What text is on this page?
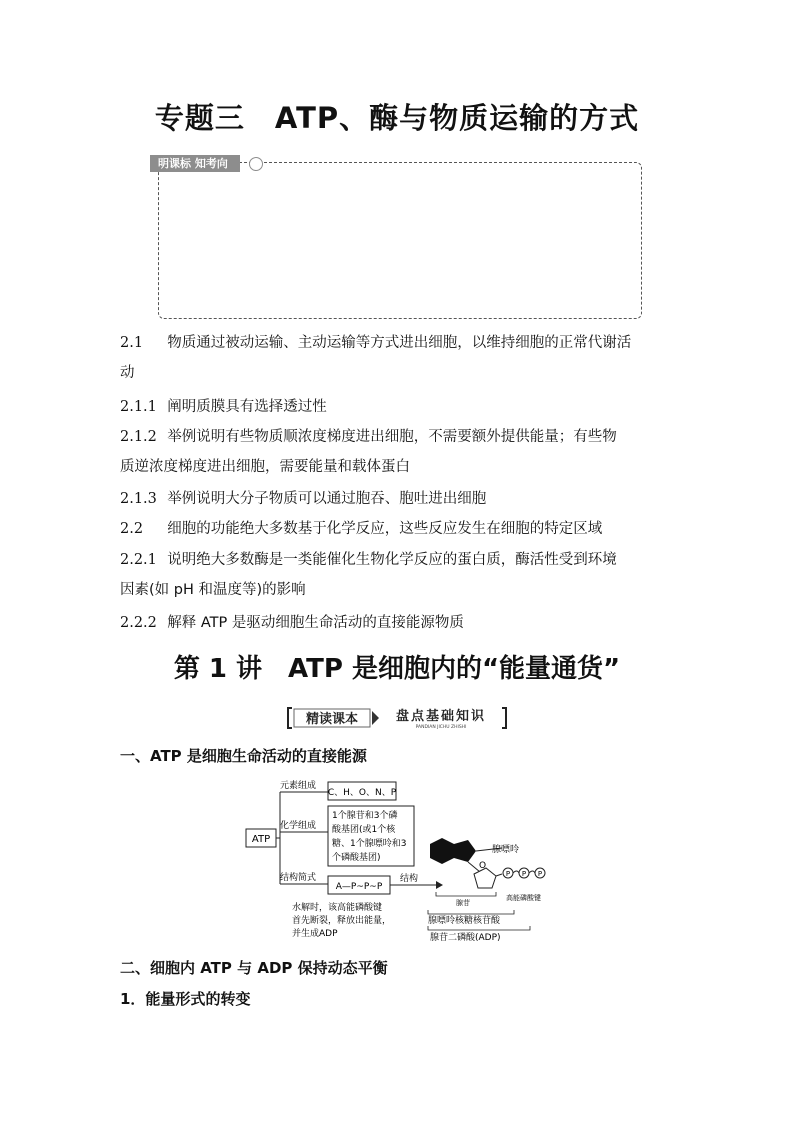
专题三　ATP、酶与物质运输的方式
明课标 知考向
2.1 物质通过被动运输、主动运输等方式进出细胞，以维持细胞的正常代谢活
动
2.1.1 阐明质膜具有选择透过性
2.1.2 举例说明有些物质顺浓度梯度进出细胞，不需要额外提供能量；有些物
质逆浓度梯度进出细胞，需要能量和载体蛋白
2.1.3 举例说明大分子物质可以通过胞吞、胞吐进出细胞
2.2 细胞的功能绝大多数基于化学反应，这些反应发生在细胞的特定区域
2.2.1 说明绝大多数酶是一类能催化生物化学反应的蛋白质，酶活性受到环境
因素(如 pH 和温度等)的影响
2.2.2 解释 ATP 是驱动细胞生命活动的直接能源物质
第 1 讲　ATP 是细胞内的“能量通货”
精读课本	盘点基础知识
PANDIAN JICHU ZHISHI
一、ATP 是细胞生命活动的直接能源
ATP
元素组成
化学组成
结构简式
C、H、O、N、P
1个腺苷和3个磷
酸基团(或1个核
糖、1个腺嘌呤和3
个磷酸基团)
A—P~P~P
结构
水解时，该高能磷酸键
首先断裂，释放出能量，
并生成ADP
腺嘌呤
O
P P P
腺苷
高能磷酸键
腺嘌呤核糖核苷酸
腺苷二磷酸(ADP)
二、细胞内 ATP 与 ADP 保持动态平衡
1．能量形式的转变
